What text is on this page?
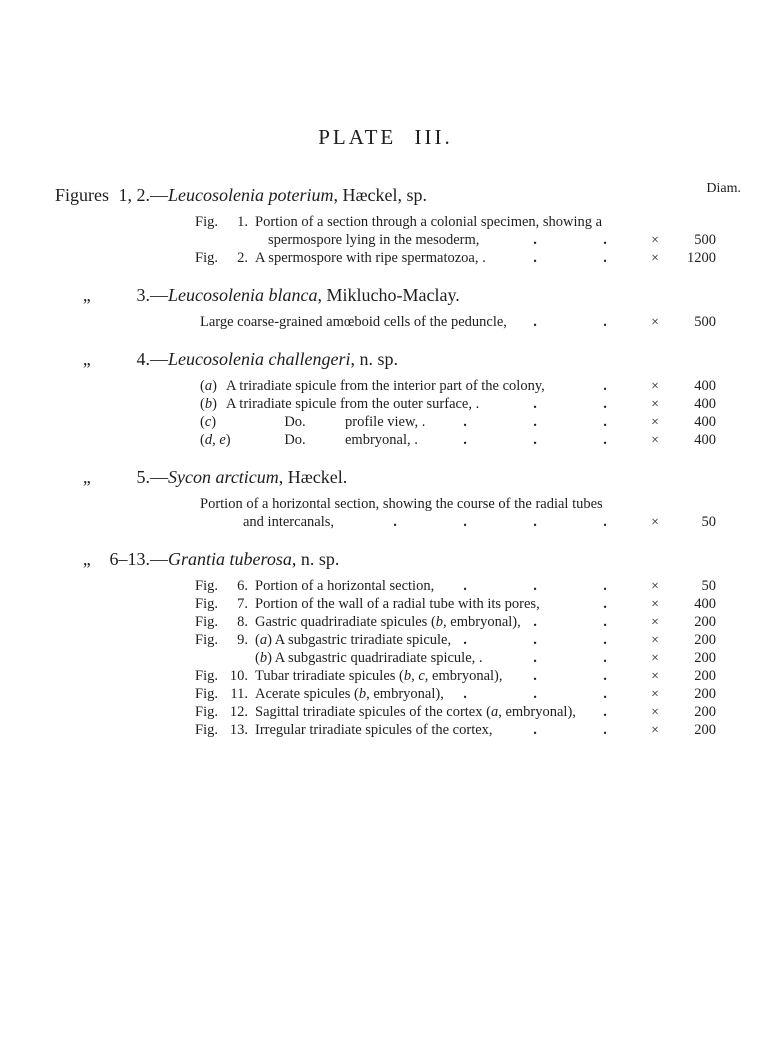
Diam.
PLATE III.
Figures 1, 2.—Leucosolenia poterium, Hæckel, sp.
Fig.	1. Portion of a section through a colonial specimen, showing a
spermospore lying in the mesoderm,	.	.	×	500
Fig.	2. A spermospore with ripe spermatozoa, .	.	.	×	1200
,,	3.—Leucosolenia blanca, Miklucho-Maclay.
Large coarse-grained amœboid cells of the peduncle,	.	.	×	500
,,	4.—Leucosolenia challengeri, n. sp.
(a) A triradiate spicule from the interior part of the colony,	.	×	400
(b) A triradiate spicule from the outer surface, .	.	.	×	400
(c)	Do.	profile view, .	.	.	.	×	400
(d, e)	Do.	embryonal, .	.	.	.	×	400
,,	5.—Sycon arcticum, Hæckel.
Portion of a horizontal section, showing the course of the radial tubes
and intercanals,	.	.	.	.	×	50
,, 6–13.—Grantia tuberosa, n. sp.
Fig.	6. Portion of a horizontal section,	.	.	.	×	50
Fig.	7. Portion of the wall of a radial tube with its pores,	.	×	400
Fig.	8. Gastric quadriradiate spicules (b, embryonal), .	.	×	200
Fig.	9. (a) A subgastric triradiate spicule, .	.	.	×	200
(b) A subgastric quadriradiate spicule, .	.	.	×	200
Fig. 10. Tubar triradiate spicules (b, c, embryonal),	.	.	×	200
Fig. 11. Acerate spicules (b, embryonal),	.	.	.	×	200
Fig. 12. Sagittal triradiate spicules of the cortex (a, embryonal),	.	×	200
Fig. 13. Irregular triradiate spicules of the cortex,	.	.	×	200
